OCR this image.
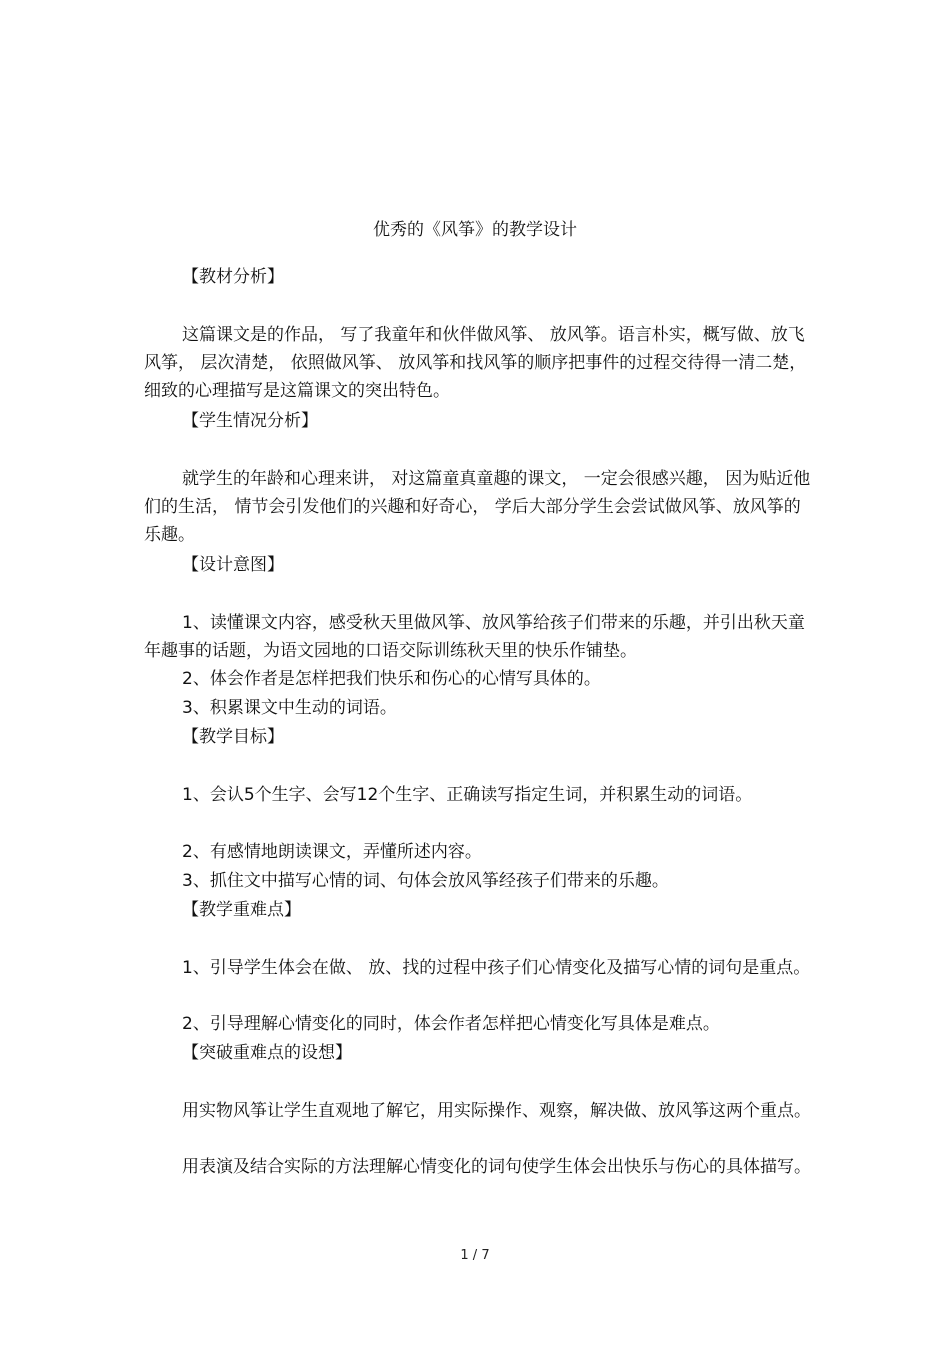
优秀的《风筝》的教学设计
【教材分析】
这篇课文是的作品， 写了我童年和伙伴做风筝、 放风筝。语言朴实，概写做、放飞风筝， 层次清楚， 依照做风筝、 放风筝和找风筝的顺序把事件的过程交待得一清二楚，细致的心理描写是这篇课文的突出特色。
【学生情况分析】
就学生的年龄和心理来讲， 对这篇童真童趣的课文， 一定会很感兴趣， 因为贴近他们的生活， 情节会引发他们的兴趣和好奇心， 学后大部分学生会尝试做风筝、放风筝的乐趣。
【设计意图】
1、读懂课文内容，感受秋天里做风筝、放风筝给孩子们带来的乐趣，并引出秋天童年趣事的话题，为语文园地的口语交际训练秋天里的快乐作铺垫。
2、体会作者是怎样把我们快乐和伤心的心情写具体的。
3、积累课文中生动的词语。
【教学目标】
1、会认5个生字、会写12个生字、正确读写指定生词，并积累生动的词语。
2、有感情地朗读课文，弄懂所述内容。
3、抓住文中描写心情的词、句体会放风筝经孩子们带来的乐趣。
【教学重难点】
1、引导学生体会在做、 放、找的过程中孩子们心情变化及描写心情的词句是重点。
2、引导理解心情变化的同时，体会作者怎样把心情变化写具体是难点。
【突破重难点的设想】
用实物风筝让学生直观地了解它，用实际操作、观察，解决做、放风筝这两个重点。
用表演及结合实际的方法理解心情变化的词句使学生体会出快乐与伤心的具体描写。
1 / 7
